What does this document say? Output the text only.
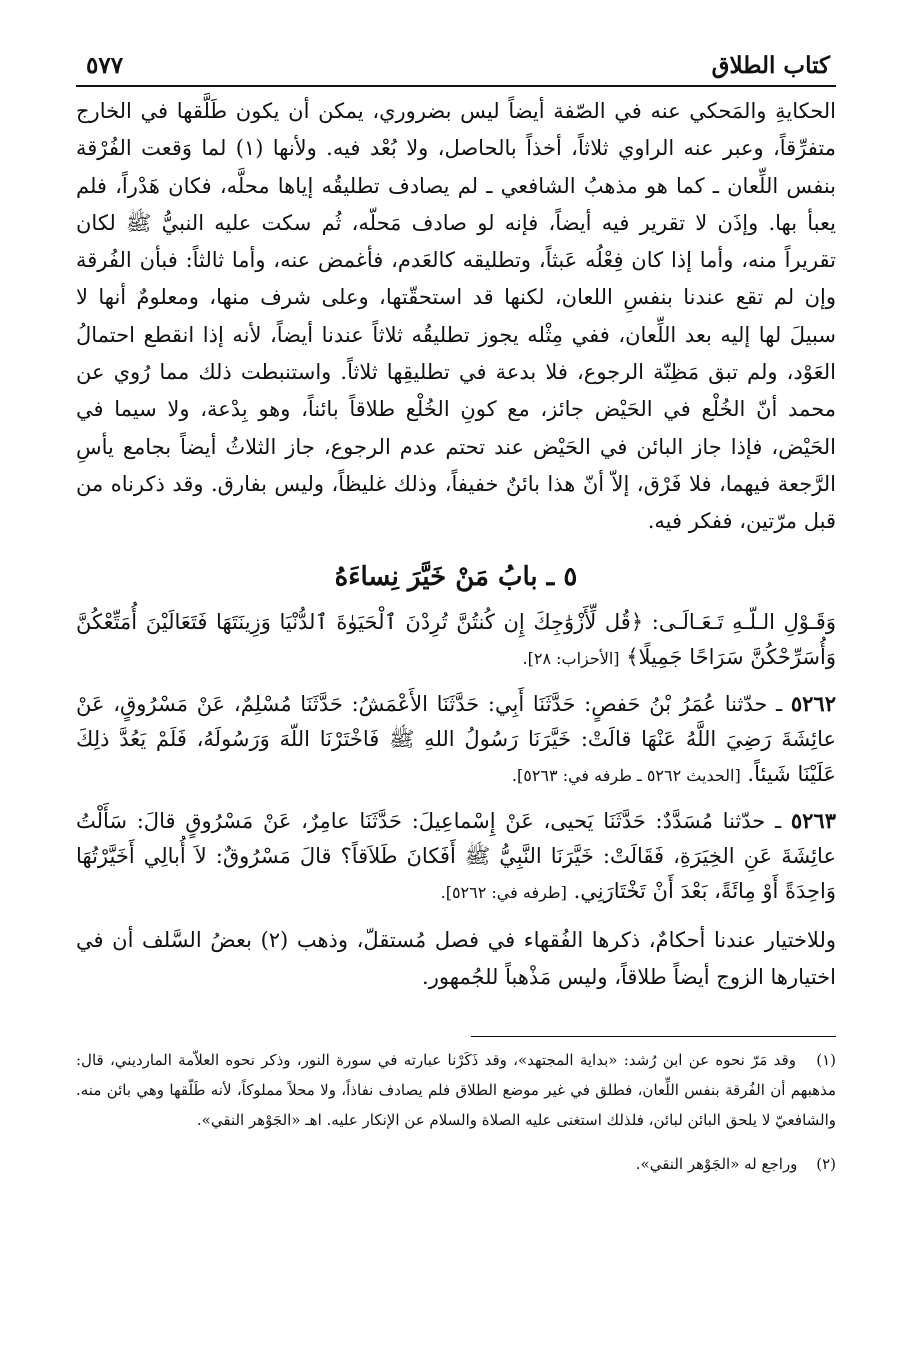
كتاب الطلاق
٥٧٧

الحكايةِ والمَحكي عنه في الصّفة أيضاً ليس بضروري، يمكن أن يكون طَلَّقها في الخارج متفرِّقاً، وعبر عنه الراوي ثلاثاً، أخذاً بالحاصل، ولا بُعْد فيه. ولأنها (١) لما وَقعت الفُرْقة بنفس اللِّعان ـ كما هو مذهبُ الشافعي ـ لم يصادف تطليقُه إياها محلَّه، فكان هَدْراً، فلم يعبأ بها. وإذَن لا تقرير فيه أيضاً، فإنه لو صادف مَحلّه، ثُم سكت عليه النبيُّ ﷺ لكان تقريراً منه، وأما إذا كان فِعْلُه عَبثاً، وتطليقه كالعَدم، فأغمض عنه، وأما ثالثاً: فبأن الفُرقة وإن لم تقع عندنا بنفسِ اللعان، لكنها قد استحقّتها، وعلى شرف منها، ومعلومٌ أنها لا سبيلَ لها إليه بعد اللِّعان، ففي مِثْله يجوز تطليقُه ثلاثاً عندنا أيضاً، لأنه إذا انقطع احتمالُ العَوْد، ولم تبق مَظِنّة الرجوع، فلا بدعة في تطليقِها ثلاثاً. واستنبطت ذلك مما رُوي عن محمد أنّ الخُلْع في الحَيْض جائز، مع كونِ الخُلْع طلاقاً بائناً، وهو بِدْعة، ولا سيما في الحَيْض، فإذا جاز البائن في الحَيْض عند تحتم عدم الرجوع، جاز الثلاثُ أيضاً بجامع يأسِ الرَّجعة فيهما، فلا فَرْق، إلاّ أنّ هذا بائنٌ خفيفاً، وذلك غليظاً، وليس بفارق. وقد ذكرناه من قبل مرّتين، ففكر فيه.

٥ ـ بابُ مَنْ خَيَّرَ نِساءَهُ

وَقَـوْلِ الـلّـهِ تَـعَـالَـى: ﴿قُل لِّأَزْوَٰجِكَ إِن كُنتُنَّ تُرِدْنَ ٱلْحَيَوٰةَ ٱلدُّنْيَا وَزِينَتَهَا فَتَعَالَيْنَ أُمَتِّعْكُنَّ وَأُسَرِّحْكُنَّ سَرَاحًا جَمِيلًا﴾ [الأحزاب: ٢٨].

٥٢٦٢ ـ حدّثنا عُمَرُ بْنُ حَفصٍ: حَدَّثَنَا أَبِي: حَدَّثَنَا الأَعْمَشُ: حَدَّثَنَا مُسْلِمٌ، عَنْ مَسْرُوقٍ، عَنْ عائِشَةَ رَضِيَ اللَّهُ عَنْهَا قالَتْ: خَيَّرَنَا رَسُولُ اللهِ ﷺ فَاخْتَرْنَا اللّهَ وَرَسُولَهُ، فَلَمْ يَعُدَّ ذلِكَ عَلَيْنَا شَيئاً. [الحديث ٥٢٦٢ ـ طرفه في: ٥٢٦٣].

٥٢٦٣ ـ حدّثنا مُسَدَّدٌ: حَدَّثَنَا يَحيى، عَنْ إِسْماعِيلَ: حَدَّثَنَا عامِرٌ، عَنْ مَسْرُوقٍ قالَ: سَأَلْتُ عائِشَةَ عَنِ الخِيَرَةِ، فَقَالَتْ: خَيَّرَنَا النَّبِيُّ ﷺ أَفَكانَ طَلاَقاً؟ قالَ مَسْرُوقٌ: لاَ أُبالِي أَخَيَّرْتُهَا وَاحِدَةً أَوْ مِائَةً، بَعْدَ أَنْ تَخْتَارَنِي. [طرفه في: ٥٢٦٢].

وللاختيار عندنا أحكامٌ، ذكرها الفُقهاء في فصل مُستقلّ، وذهب (٢) بعضُ السَّلف أن في اختيارها الزوج أيضاً طلاقاً، وليس مَذْهباً للجُمهور.

(١) وقد مَرّ نحوه عن ابن رُشد: «بداية المجتهد»، وقد ذَكَرْنا عبارته في سورة النور، وذكر نحوه العلاّمة المارديني، قال: مذهبهم أن الفُرقة بنفس اللِّعان، فطلق في غير موضع الطلاق فلم يصادف نفاذاً، ولا محلاً مملوكاً، لأنه طَلّقها وهي بائن منه. والشافعيّ لا يلحق البائن لبائن، فلذلك استغنى عليه الصلاة والسلام عن الإنكار عليه. اهـ «الجَوْهر النقي».

(٢) وراجع له «الجَوْهر النقي».
